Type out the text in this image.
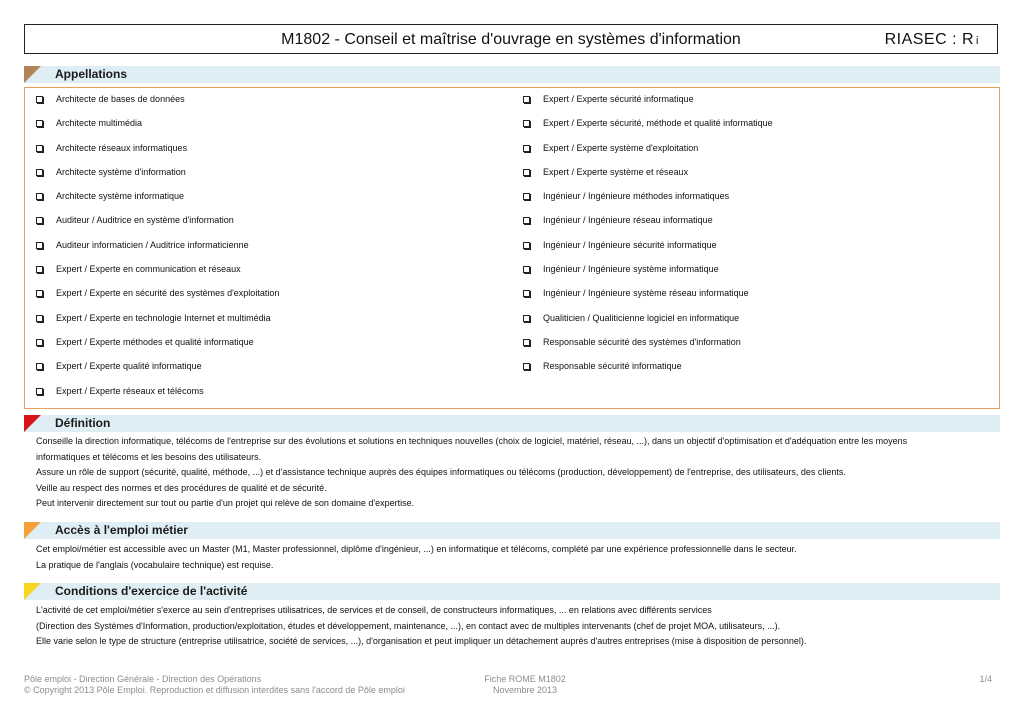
M1802 - Conseil et maîtrise d'ouvrage en systèmes d'information	RIASEC : R i
Appellations
Architecte de bases de données
Architecte multimédia
Architecte réseaux informatiques
Architecte système d'information
Architecte système informatique
Auditeur / Auditrice en système d'information
Auditeur informaticien / Auditrice informaticienne
Expert / Experte en communication et réseaux
Expert / Experte en sécurité des systèmes d'exploitation
Expert / Experte en technologie Internet et multimédia
Expert / Experte méthodes et qualité informatique
Expert / Experte qualité informatique
Expert / Experte réseaux et télécoms
Expert / Experte sécurité informatique
Expert / Experte sécurité, méthode et qualité informatique
Expert / Experte système d'exploitation
Expert / Experte système et réseaux
Ingénieur / Ingénieure méthodes informatiques
Ingénieur / Ingénieure réseau informatique
Ingénieur / Ingénieure sécurité informatique
Ingénieur / Ingénieure système informatique
Ingénieur / Ingénieure système réseau informatique
Qualiticien / Qualiticienne logiciel en informatique
Responsable sécurité des systèmes d'information
Responsable sécurité informatique
Définition

Conseille la direction informatique, télécoms de l'entreprise sur des évolutions et solutions en techniques nouvelles (choix de logiciel, matériel, réseau, ...), dans un objectif d'optimisation et d'adéquation entre les moyens

informatiques et télécoms et les besoins des utilisateurs.

Assure un rôle de support (sécurité, qualité, méthode, ...) et d'assistance technique auprès des équipes informatiques ou télécoms (production, développement) de l'entreprise, des utilisateurs, des clients.

Veille au respect des normes et des procédures de qualité et de sécurité.

Peut intervenir directement sur tout ou partie d'un projet qui relève de son domaine d'expertise.

Accès à l'emploi métier

Cet emploi/métier est accessible avec un Master (M1, Master professionnel, diplôme d'ingénieur, ...) en informatique et télécoms, complété par une expérience professionnelle dans le secteur.

La pratique de l'anglais (vocabulaire technique) est requise.

Conditions d'exercice de l'activité

L'activité de cet emploi/métier s'exerce au sein d'entreprises utilisatrices, de services et de conseil, de constructeurs informatiques, ... en relations avec différents services

(Direction des Systèmes d'Information, production/exploitation, études et développement, maintenance, ...), en contact avec de multiples intervenants (chef de projet MOA, utilisateurs, ...).

Elle varie selon le type de structure (entreprise utilisatrice, société de services, ...), d'organisation et peut impliquer un détachement auprès d'autres entreprises (mise à disposition de personnel).

Pôle emploi - Direction Générale - Direction des Opérations
© Copyright 2013 Pôle Emploi. Reproduction et diffusion interdites sans l'accord de Pôle emploi
Fiche ROME M1802
Novembre 2013
1/4
